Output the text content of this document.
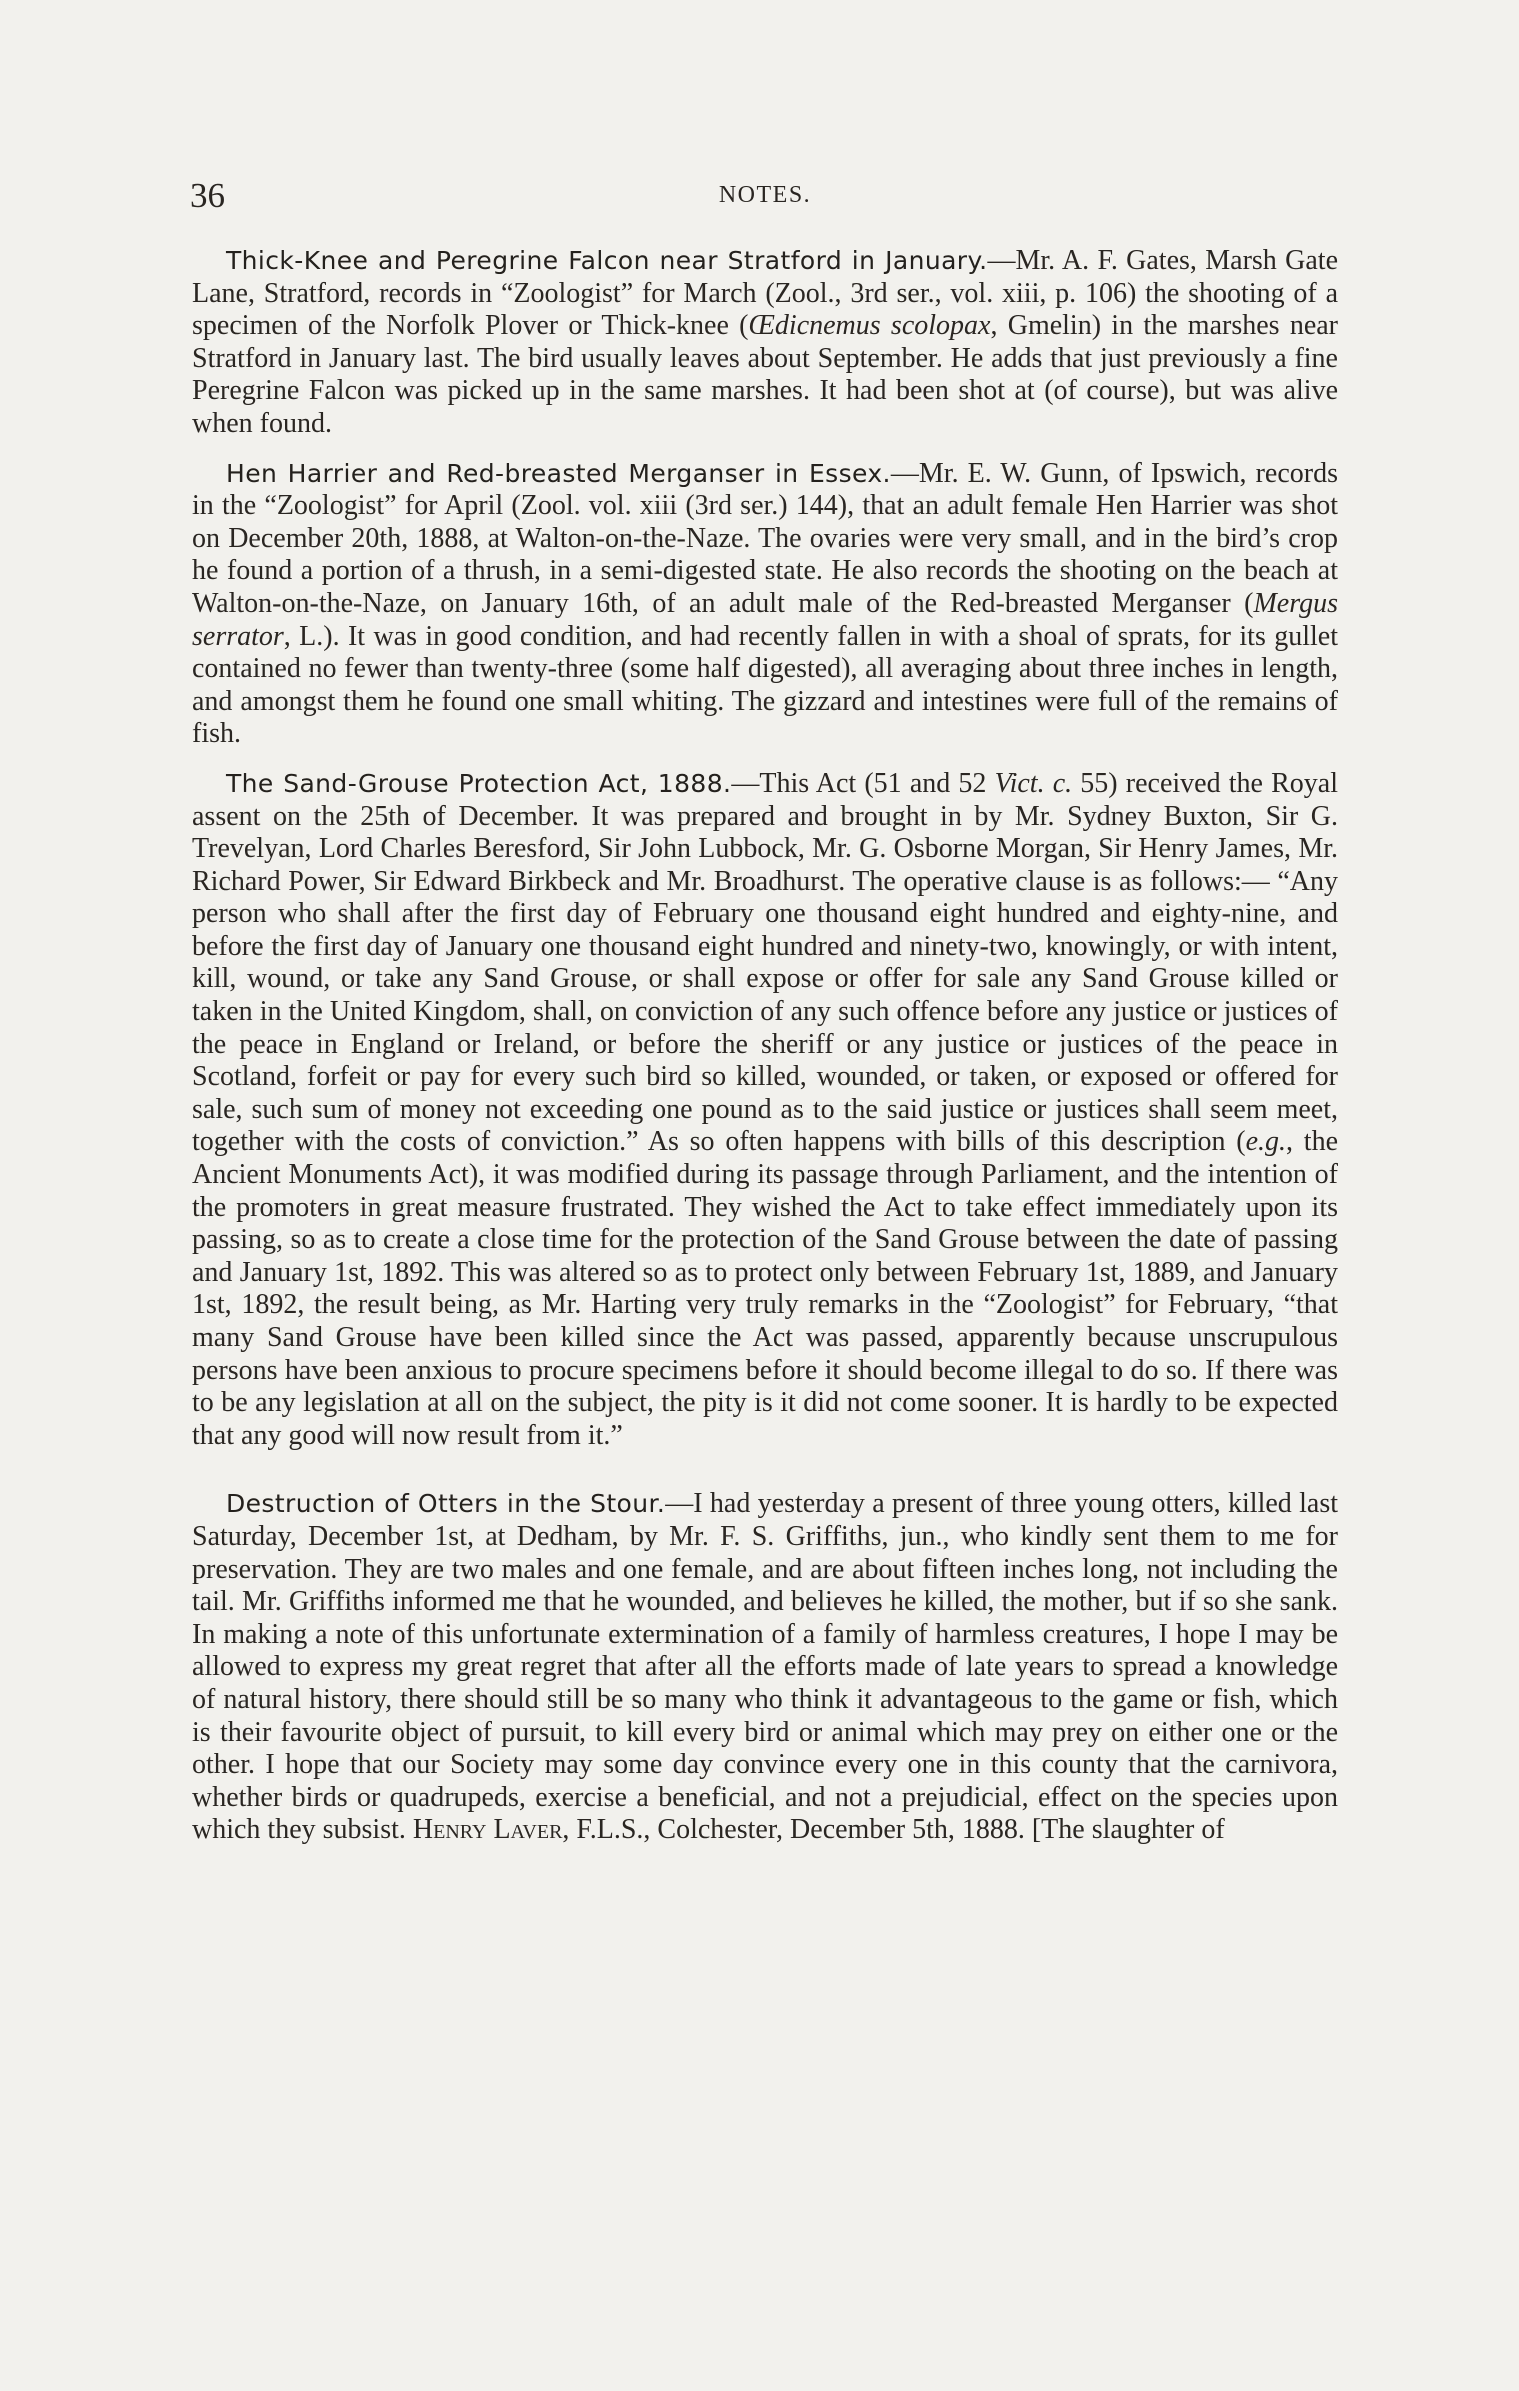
36	NOTES.

Thick-Knee and Peregrine Falcon near Stratford in January.—Mr. A. F. Gates, Marsh Gate Lane, Stratford, records in “Zoologist” for March (Zool., 3rd ser., vol. xiii, p. 106) the shooting of a specimen of the Norfolk Plover or Thick-knee (Œdicnemus scolopax, Gmelin) in the marshes near Stratford in January last. The bird usually leaves about September. He adds that just previously a fine Peregrine Falcon was picked up in the same marshes. It had been shot at (of course), but was alive when found.

Hen Harrier and Red-breasted Merganser in Essex.—Mr. E. W. Gunn, of Ipswich, records in the “Zoologist” for April (Zool. vol. xiii (3rd ser.) 144), that an adult female Hen Harrier was shot on December 20th, 1888, at Walton-on-the-Naze. The ovaries were very small, and in the bird’s crop he found a portion of a thrush, in a semi-digested state. He also records the shooting on the beach at Walton-on-the-Naze, on January 16th, of an adult male of the Red-breasted Merganser (Mergus serrator, L.). It was in good condition, and had recently fallen in with a shoal of sprats, for its gullet contained no fewer than twenty-three (some half digested), all averaging about three inches in length, and amongst them he found one small whiting. The gizzard and intestines were full of the remains of fish.

The Sand-Grouse Protection Act, 1888.—This Act (51 and 52 Vict. c. 55) received the Royal assent on the 25th of December. It was prepared and brought in by Mr. Sydney Buxton, Sir G. Trevelyan, Lord Charles Beresford, Sir John Lubbock, Mr. G. Osborne Morgan, Sir Henry James, Mr. Richard Power, Sir Edward Birkbeck and Mr. Broadhurst. The operative clause is as follows:— “Any person who shall after the first day of February one thousand eight hundred and eighty-nine, and before the first day of January one thousand eight hundred and ninety-two, knowingly, or with intent, kill, wound, or take any Sand Grouse, or shall expose or offer for sale any Sand Grouse killed or taken in the United Kingdom, shall, on conviction of any such offence before any justice or justices of the peace in England or Ireland, or before the sheriff or any justice or justices of the peace in Scotland, forfeit or pay for every such bird so killed, wounded, or taken, or exposed or offered for sale, such sum of money not exceeding one pound as to the said justice or justices shall seem meet, together with the costs of conviction.” As so often happens with bills of this description (e.g., the Ancient Monuments Act), it was modified during its passage through Parliament, and the intention of the promoters in great measure frustrated. They wished the Act to take effect immediately upon its passing, so as to create a close time for the protection of the Sand Grouse between the date of passing and January 1st, 1892. This was altered so as to protect only between February 1st, 1889, and January 1st, 1892, the result being, as Mr. Harting very truly remarks in the “Zoologist” for February, “that many Sand Grouse have been killed since the Act was passed, apparently because unscrupulous persons have been anxious to procure specimens before it should become illegal to do so. If there was to be any legislation at all on the subject, the pity is it did not come sooner. It is hardly to be expected that any good will now result from it.”

Destruction of Otters in the Stour.—I had yesterday a present of three young otters, killed last Saturday, December 1st, at Dedham, by Mr. F. S. Griffiths, jun., who kindly sent them to me for preservation. They are two males and one female, and are about fifteen inches long, not including the tail. Mr. Griffiths informed me that he wounded, and believes he killed, the mother, but if so she sank. In making a note of this unfortunate extermination of a family of harmless creatures, I hope I may be allowed to express my great regret that after all the efforts made of late years to spread a knowledge of natural history, there should still be so many who think it advantageous to the game or fish, which is their favourite object of pursuit, to kill every bird or animal which may prey on either one or the other. I hope that our Society may some day convince every one in this county that the carnivora, whether birds or quadrupeds, exercise a beneficial, and not a prejudicial, effect on the species upon which they subsist. Henry Laver, F.L.S., Colchester, December 5th, 1888. [The slaughter of
